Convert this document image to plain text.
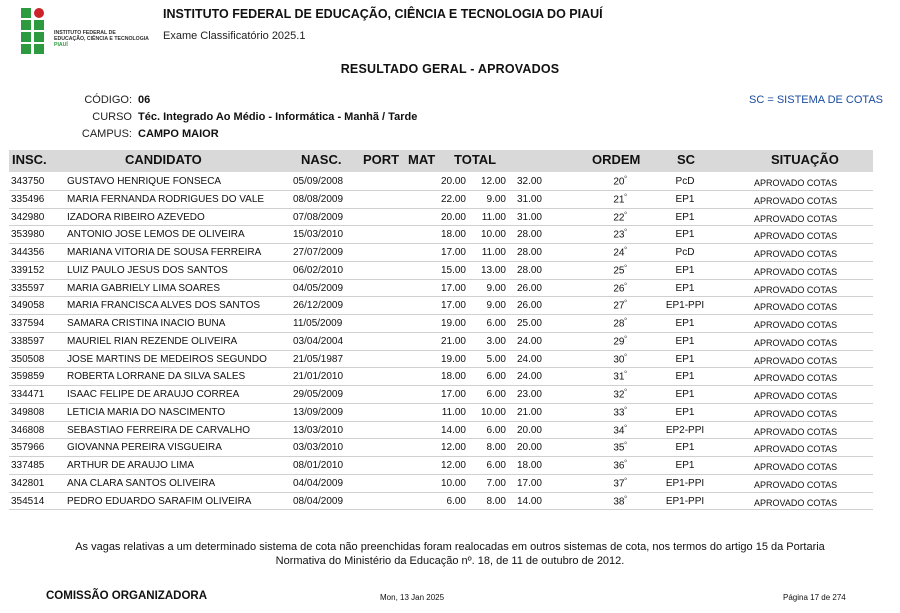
INSTITUTO FEDERAL DE
EDUCAÇÃO, CIÊNCIA E TECNOLOGIA
PIAUÍ
INSTITUTO FEDERAL DE EDUCAÇÃO, CIÊNCIA E TECNOLOGIA DO PIAUÍ
Exame Classificatório 2025.1
RESULTADO GERAL - APROVADOS
CÓDIGO: 06
CURSO Téc. Integrado Ao Médio - Informática - Manhã / Tarde
CAMPUS: CAMPO MAIOR
SC = SISTEMA DE COTAS
INSC.	CANDIDATO	NASC. PORT MAT TOTAL	ORDEM	SC	SITUAÇÃO
343750 GUSTAVO HENRIQUE FONSECA	05/09/2008	20.00 12.00 32.00	$20^º$	PcD	APROVADO COTAS
335496 MARIA FERNANDA RODRIGUES DO VALE	08/08/2009	22.00 9.00 31.00	$21^º$	EP1	APROVADO COTAS
342980 IZADORA RIBEIRO AZEVEDO	07/08/2009	20.00 11.00 31.00	$22^º$	EP1	APROVADO COTAS
353980 ANTONIO JOSE LEMOS DE OLIVEIRA	15/03/2010	18.00 10.00 28.00	$23^º$	EP1	APROVADO COTAS
344356 MARIANA VITORIA DE SOUSA FERREIRA	27/07/2009	17.00 11.00 28.00	$24^º$	PcD	APROVADO COTAS
339152 LUIZ PAULO JESUS DOS SANTOS	06/02/2010	15.00 13.00 28.00	$25^º$	EP1	APROVADO COTAS
335597 MARIA GABRIELY LIMA SOARES	04/05/2009	17.00 9.00 26.00	$26^º$	EP1	APROVADO COTAS
349058 MARIA FRANCISCA ALVES DOS SANTOS	26/12/2009	17.00 9.00 26.00	$27^º$	EP1-PPI	APROVADO COTAS
337594 SAMARA CRISTINA INACIO BUNA	11/05/2009	19.00 6.00 25.00	$28^º$	EP1	APROVADO COTAS
338597 MAURIEL RIAN REZENDE OLIVEIRA	03/04/2004	21.00 3.00 24.00	$29^º$	EP1	APROVADO COTAS
350508 JOSE MARTINS DE MEDEIROS SEGUNDO	21/05/1987	19.00 5.00 24.00	$30^º$	EP1	APROVADO COTAS
359859 ROBERTA LORRANE DA SILVA SALES	21/01/2010	18.00 6.00 24.00	$31^º$	EP1	APROVADO COTAS
334471 ISAAC FELIPE DE ARAUJO CORREA	29/05/2009	17.00 6.00 23.00	$32^º$	EP1	APROVADO COTAS
349808 LETICIA MARIA DO NASCIMENTO	13/09/2009	11.00 10.00 21.00	$33^º$	EP1	APROVADO COTAS
346808 SEBASTIAO FERREIRA DE CARVALHO	13/03/2010	14.00 6.00 20.00	$34^º$	EP2-PPI	APROVADO COTAS
357966 GIOVANNA PEREIRA VISGUEIRA	03/03/2010	12.00 8.00 20.00	$35^º$	EP1	APROVADO COTAS
337485 ARTHUR DE ARAUJO LIMA	08/01/2010	12.00 6.00 18.00	$36^º$	EP1	APROVADO COTAS
342801 ANA CLARA SANTOS OLIVEIRA	04/04/2009	10.00 7.00 17.00	$37^º$	EP1-PPI	APROVADO COTAS
354514 PEDRO EDUARDO SARAFIM OLIVEIRA	08/04/2009	6.00 8.00 14.00	$38^º$	EP1-PPI	APROVADO COTAS
As vagas relativas a um determinado sistema de cota não preenchidas foram realocadas em outros sistemas de cota, nos termos do artigo 15 da Portaria
Normativa do Ministério da Educação nº. 18, de 11 de outubro de 2012.
COMISSÃO ORGANIZADORA	Mon, 13 Jan 2025	Página 17 de 274
